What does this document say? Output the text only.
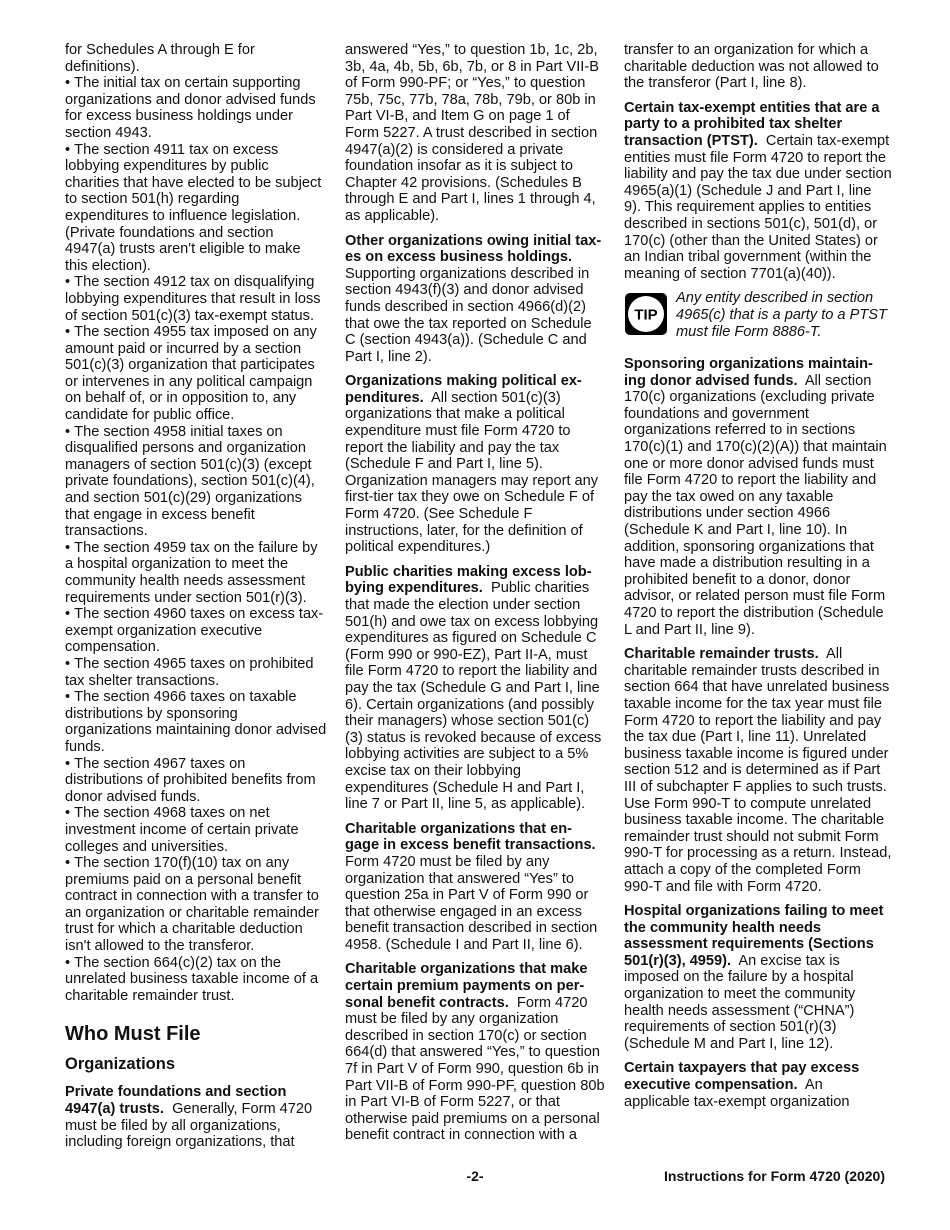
for Schedules A through E for definitions).
• The initial tax on certain supporting organizations and donor advised funds for excess business holdings under section 4943.
• The section 4911 tax on excess lobbying expenditures by public charities that have elected to be subject to section 501(h) regarding expenditures to influence legislation. (Private foundations and section 4947(a) trusts aren't eligible to make this election).
• The section 4912 tax on disqualifying lobbying expenditures that result in loss of section 501(c)(3) tax-exempt status.
• The section 4955 tax imposed on any amount paid or incurred by a section 501(c)(3) organization that participates or intervenes in any political campaign on behalf of, or in opposition to, any candidate for public office.
• The section 4958 initial taxes on disqualified persons and organization managers of section 501(c)(3) (except private foundations), section 501(c)(4), and section 501(c)(29) organizations that engage in excess benefit transactions.
• The section 4959 tax on the failure by a hospital organization to meet the community health needs assessment requirements under section 501(r)(3).
• The section 4960 taxes on excess tax-exempt organization executive compensation.
• The section 4965 taxes on prohibited tax shelter transactions.
• The section 4966 taxes on taxable distributions by sponsoring organizations maintaining donor advised funds.
• The section 4967 taxes on distributions of prohibited benefits from donor advised funds.
• The section 4968 taxes on net investment income of certain private colleges and universities.
• The section 170(f)(10) tax on any premiums paid on a personal benefit contract in connection with a transfer to an organization or charitable remainder trust for which a charitable deduction isn't allowed to the transferor.
• The section 664(c)(2) tax on the unrelated business taxable income of a charitable remainder trust.
Who Must File
Organizations
Private foundations and section 4947(a) trusts. Generally, Form 4720 must be filed by all organizations, including foreign organizations, that
answered “Yes,” to question 1b, 1c, 2b, 3b, 4a, 4b, 5b, 6b, 7b, or 8 in Part VII-B of Form 990-PF; or “Yes,” to question 75b, 75c, 77b, 78a, 78b, 79b, or 80b in Part VI-B, and Item G on page 1 of Form 5227. A trust described in section 4947(a)(2) is considered a private foundation insofar as it is subject to Chapter 42 provisions. (Schedules B through E and Part I, lines 1 through 4, as applicable).
Other organizations owing initial tax-es on excess business holdings. Supporting organizations described in section 4943(f)(3) and donor advised funds described in section 4966(d)(2) that owe the tax reported on Schedule C (section 4943(a)). (Schedule C and Part I, line 2).
Organizations making political ex-penditures. All section 501(c)(3) organizations that make a political expenditure must file Form 4720 to report the liability and pay the tax (Schedule F and Part I, line 5). Organization managers may report any first-tier tax they owe on Schedule F of Form 4720. (See Schedule F instructions, later, for the definition of political expenditures.)
Public charities making excess lob-bying expenditures. Public charities that made the election under section 501(h) and owe tax on excess lobbying expenditures as figured on Schedule C (Form 990 or 990-EZ), Part II-A, must file Form 4720 to report the liability and pay the tax (Schedule G and Part I, line 6). Certain organizations (and possibly their managers) whose section 501(c)(3) status is revoked because of excess lobbying activities are subject to a 5% excise tax on their lobbying expenditures (Schedule H and Part I, line 7 or Part II, line 5, as applicable).
Charitable organizations that en-gage in excess benefit transactions. Form 4720 must be filed by any organization that answered “Yes” to question 25a in Part V of Form 990 or that otherwise engaged in an excess benefit transaction described in section 4958. (Schedule I and Part II, line 6).
Charitable organizations that make certain premium payments on per-sonal benefit contracts. Form 4720 must be filed by any organization described in section 170(c) or section 664(d) that answered “Yes,” to question 7f in Part V of Form 990, question 6b in Part VII-B of Form 990-PF, question 80b in Part VI-B of Form 5227, or that otherwise paid premiums on a personal benefit contract in connection with a
transfer to an organization for which a charitable deduction was not allowed to the transferor (Part I, line 8).
Certain tax-exempt entities that are a party to a prohibited tax shelter transaction (PTST). Certain tax-exempt entities must file Form 4720 to report the liability and pay the tax due under section 4965(a)(1) (Schedule J and Part I, line 9). This requirement applies to entities described in sections 501(c), 501(d), or 170(c) (other than the United States) or an Indian tribal government (within the meaning of section 7701(a)(40)).
TIP
Any entity described in section 4965(c) that is a party to a PTST must file Form 8886-T.
Sponsoring organizations maintain-ing donor advised funds. All section 170(c) organizations (excluding private foundations and government organizations referred to in sections 170(c)(1) and 170(c)(2)(A)) that maintain one or more donor advised funds must file Form 4720 to report the liability and pay the tax owed on any taxable distributions under section 4966 (Schedule K and Part I, line 10). In addition, sponsoring organizations that have made a distribution resulting in a prohibited benefit to a donor, donor advisor, or related person must file Form 4720 to report the distribution (Schedule L and Part II, line 9).
Charitable remainder trusts. All charitable remainder trusts described in section 664 that have unrelated business taxable income for the tax year must file Form 4720 to report the liability and pay the tax due (Part I, line 11). Unrelated business taxable income is figured under section 512 and is determined as if Part III of subchapter F applies to such trusts. Use Form 990-T to compute unrelated business taxable income. The charitable remainder trust should not submit Form 990-T for processing as a return. Instead, attach a copy of the completed Form 990-T and file with Form 4720.
Hospital organizations failing to meet the community health needs assessment requirements (Sections 501(r)(3), 4959). An excise tax is imposed on the failure by a hospital organization to meet the community health needs assessment (“CHNA”) requirements of section 501(r)(3) (Schedule M and Part I, line 12).
Certain taxpayers that pay excess executive compensation. An applicable tax-exempt organization
-2-	Instructions for Form 4720 (2020)
